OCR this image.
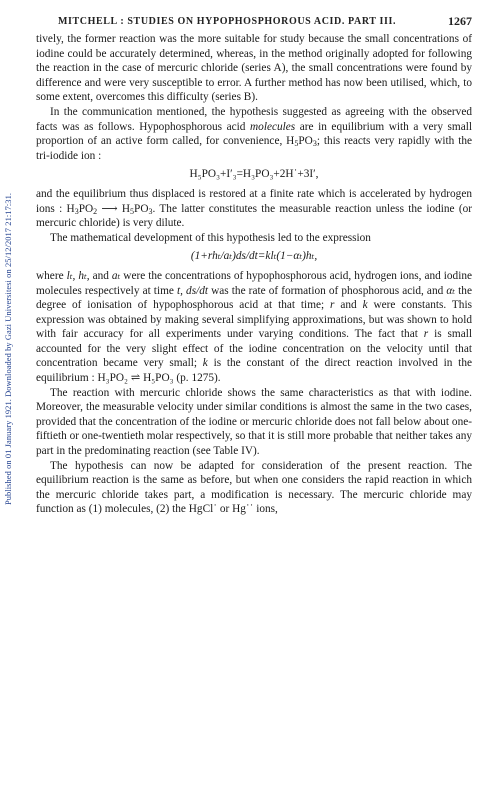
Published on 01 January 1921. Downloaded by Gazi Universitesi on 25/12/2017 21:17:31.
MITCHELL : STUDIES ON HYPOPHOSPHOROUS ACID. PART III.	1267

tively, the former reaction was the more suitable for study because the small concentrations of iodine could be accurately determined, whereas, in the method originally adopted for following the reaction in the case of mercuric chloride (series A), the small concentrations were found by difference and were very susceptible to error. A further method has now been utilised, which, to some extent, overcomes this difficulty (series B).

In the communication mentioned, the hypothesis suggested as agreeing with the observed facts was as follows. Hypophosphorous acid molecules are in equilibrium with a very small proportion of an active form called, for convenience, $H_5PO_3$; this reacts very rapidly with the tri-iodide ion :

H₅PO₃+I′₃=H₃PO₃+2H˙+3I′,

and the equilibrium thus displaced is restored at a finite rate which is accelerated by hydrogen ions : $H_3PO_2$ ⟶ $H_5PO_3$. The latter constitutes the measurable reaction unless the iodine (or mercuric chloride) is very dilute.

The mathematical development of this hypothesis led to the expression

(1+rhₜ/aₜ)ds/dt=klₜ(1−αₜ)hₜ,

where lₜ, hₜ, and aₜ were the concentrations of hypophosphorous acid, hydrogen ions, and iodine molecules respectively at time t, ds/dt was the rate of formation of phosphorous acid, and αₜ the degree of ionisation of hypophosphorous acid at that time; r and k were constants. This expression was obtained by making several simplifying approximations, but was shown to hold with fair accuracy for all experiments under varying conditions. The fact that r is small accounted for the very slight effect of the iodine concentration on the velocity until that concentration became very small; k is the constant of the direct reaction involved in the equilibrium : H₃PO₂ ⇌ H₅PO₃ (p. 1275).

The reaction with mercuric chloride shows the same characteristics as that with iodine. Moreover, the measurable velocity under similar conditions is almost the same in the two cases, provided that the concentration of the iodine or mercuric chloride does not fall below about one-fiftieth or one-twentieth molar respectively, so that it is still more probable that neither takes any part in the predominating reaction (see Table IV).

The hypothesis can now be adapted for consideration of the present reaction. The equilibrium reaction is the same as before, but when one considers the rapid reaction in which the mercuric chloride takes part, a modification is necessary. The mercuric chloride may function as (1) molecules, (2) the HgCl˙ or Hg˙˙ ions,
